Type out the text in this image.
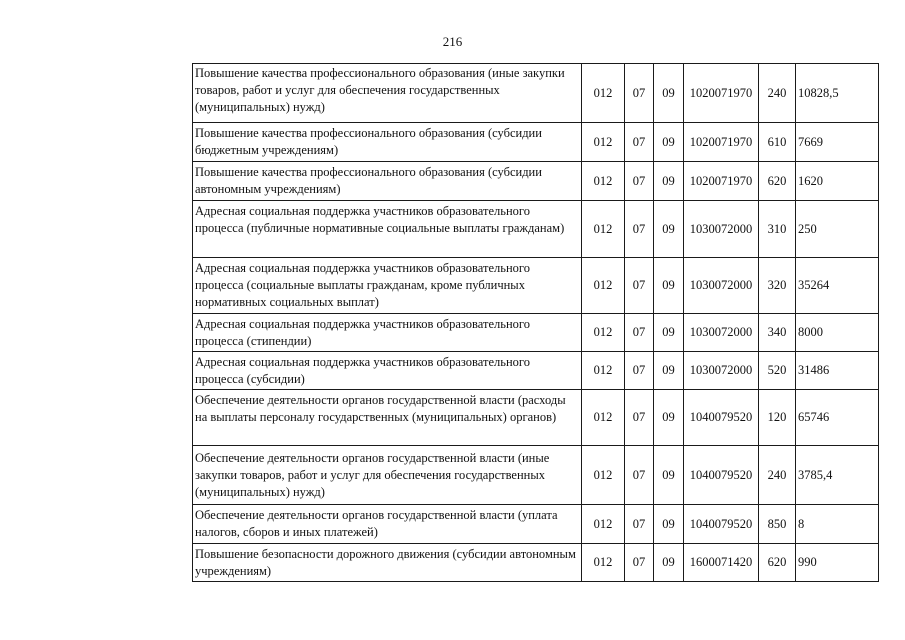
216
Повышение качества профессионального образования (иные закупки товаров, работ и услуг для обеспечения государственных (муниципальных) нужд)	012	07	09	1020071970	240	10828,5

Повышение качества профессионального образования (субсидии бюджетным учреждениям)	012	07	09	1020071970	610	7669

Повышение качества профессионального образования (субсидии автономным учреждениям)	012	07	09	1020071970	620	1620

Адресная социальная поддержка участников образовательного процесса (публичные нормативные социальные выплаты гражданам)	012	07	09	1030072000	310	250

Адресная социальная поддержка участников образовательного процесса (социальные выплаты гражданам, кроме публичных нормативных социальных выплат)	012	07	09	1030072000	320	35264

Адресная социальная поддержка участников образовательного процесса (стипендии)	012	07	09	1030072000	340	8000

Адресная социальная поддержка участников образовательного процесса (субсидии)	012	07	09	1030072000	520	31486

Обеспечение деятельности органов государственной власти (расходы на выплаты персоналу государственных (муниципальных) органов)	012	07	09	1040079520	120	65746

Обеспечение деятельности органов государственной власти (иные закупки товаров, работ и услуг для обеспечения государственных (муниципальных) нужд)	012	07	09	1040079520	240	3785,4

Обеспечение деятельности органов государственной власти (уплата налогов, сборов и иных платежей)	012	07	09	1040079520	850	8

Повышение безопасности дорожного движения (субсидии автономным учреждениям)	012	07	09	1600071420	620	990
